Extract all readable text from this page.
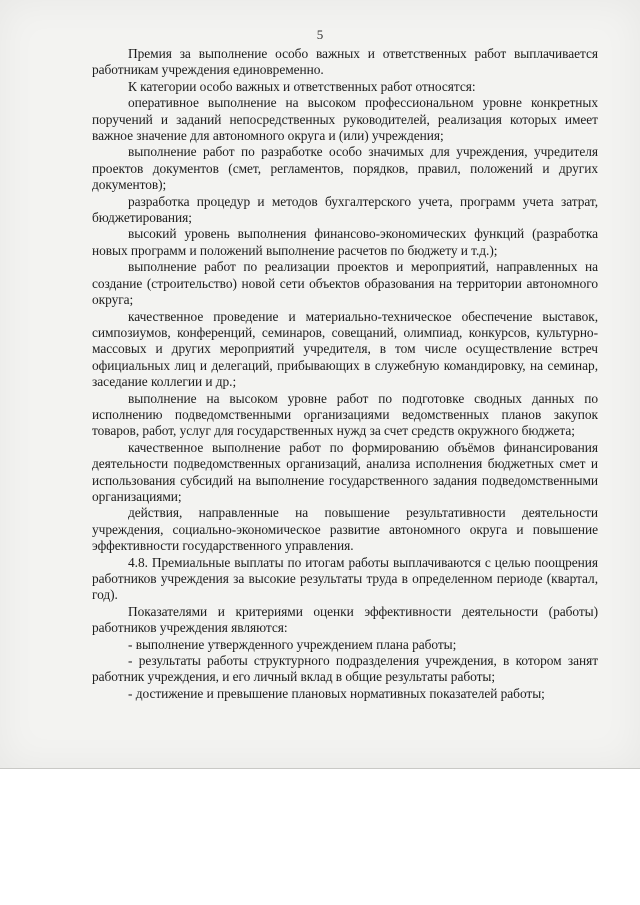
5

Премия за выполнение особо важных и ответственных работ выплачивается работникам учреждения единовременно.

К категории особо важных и ответственных работ относятся:

оперативное выполнение на высоком профессиональном уровне конкретных поручений и заданий непосредственных руководителей, реализация которых имеет важное значение для автономного округа и (или) учреждения;

выполнение работ по разработке особо значимых для учреждения, учредителя проектов документов (смет, регламентов, порядков, правил, положений и других документов);

разработка процедур и методов бухгалтерского учета, программ учета затрат, бюджетирования;

высокий уровень выполнения финансово-экономических функций (разработка новых программ и положений выполнение расчетов по бюджету и т.д.);

выполнение работ по реализации проектов и мероприятий, направленных на создание (строительство) новой сети объектов образования на территории автономного округа;

качественное проведение и материально-техническое обеспечение выставок, симпозиумов, конференций, семинаров, совещаний, олимпиад, конкурсов, культурно-массовых и других мероприятий учредителя, в том числе осуществление встреч официальных лиц и делегаций, прибывающих в служебную командировку, на семинар, заседание коллегии и др.;

выполнение на высоком уровне работ по подготовке сводных данных по исполнению подведомственными организациями ведомственных планов закупок товаров, работ, услуг для государственных нужд за счет средств окружного бюджета;

качественное выполнение работ по формированию объёмов финансирования деятельности подведомственных организаций, анализа исполнения бюджетных смет и использования субсидий на выполнение государственного задания подведомственными организациями;

действия, направленные на повышение результативности деятельности учреждения, социально-экономическое развитие автономного округа и повышение эффективности государственного управления.

4.8. Премиальные выплаты по итогам работы выплачиваются с целью поощрения работников учреждения за высокие результаты труда в определенном периоде (квартал, год).

Показателями и критериями оценки эффективности деятельности (работы) работников учреждения являются:

- выполнение утвержденного учреждением плана работы;

- результаты работы структурного подразделения учреждения, в котором занят работник учреждения, и его личный вклад в общие результаты работы;

- достижение и превышение плановых нормативных показателей работы;
